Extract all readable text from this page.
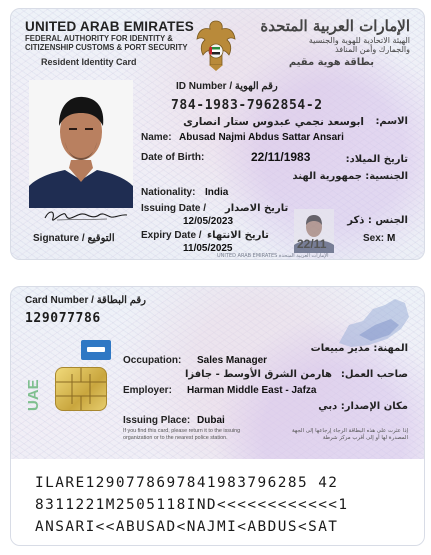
UNITED ARAB EMIRATES
FEDERAL AUTHORITY FOR IDENTITY &
CITIZENSHIP CUSTOMS & PORT SECURITY
Resident Identity Card
الإمارات العربية المتحدة
الهيئة الاتحادية للهوية والجنسية
والجمارك وأمن المنافذ
بطاقة هوية مقيم
Signature / التوقيع
ID Number / رقم الهوية
784-1983-7962854-2
الاسم:
ابوسعد نجمي عبدوس ستار انصارى
Name: Abusad Najmi Abdus Sattar Ansari
Date of Birth:	22/11/1983	تاريخ الميلاد:
الجنسية:
جمهورية الهند
Nationality: India
Issuing Date / تاريخ الاصدار
12/05/2023
Expiry Date / تاريخ الانتهاء
11/05/2025	22/11
الجنس : ذكر
Sex: M
UNITED ARAB EMIRATES الإمارات العربية المتحدة
Card Number / رقم البطاقة
129077786
UAE
المهنة: مدير مبيعات
Occupation: Sales Manager
صاحب العمل:
هارمن الشرق الأوسط - جافزا
Employer: Harman Middle East - Jafza
مكان الإصدار: دبي
Issuing Place: Dubai
If you find this card, please return it to the issuing
organization or to the nearest police station.
إذا عثرت على هذه البطاقة الرجاء إرجاعها إلى الجهة
المصدرة لها أو إلى أقرب مركز شرطة
ILARE1290778697841983796285 42
8311221M2505118IND<<<<<<<<<<<<1
ANSARI<<ABUSAD<NAJMI<ABDUS<SAT
